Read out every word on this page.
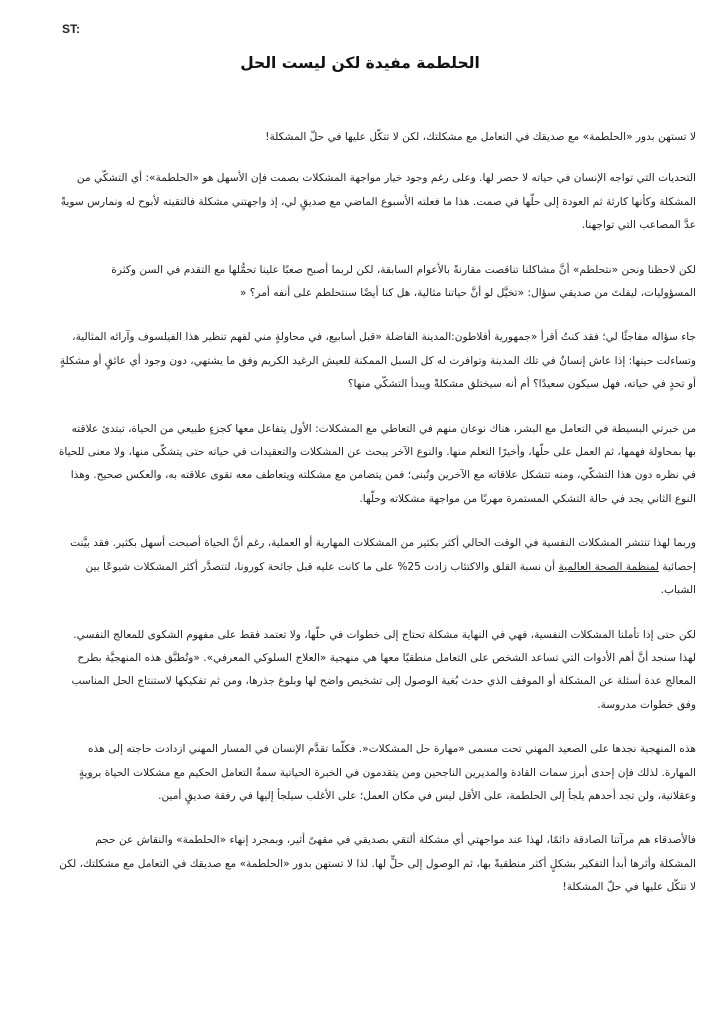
ST:
الحلطمة مفيدة لكن ليست الحل

لا تستهن بدور «الحلطمة» مع صديقك في التعامل مع مشكلتك، لكن لا تتكّل عليها في حلّ المشكلة!

التحديات التي تواجه الإنسان في حياته لا حصر لها. وعلى رغم وجود خيار مواجهة المشكلات بصمت فإن الأسهل هو «الحلطمة»: أي التشكّي من المشكلة وكأنها كارثة ثم العودة إلى حلّها في صمت. هذا ما فعلته الأسبوع الماضي مع صديقٍ لي، إذ واجهتني مشكلة فالتقيته لأبوح له ونمارس سويةً عدَّ المصاعب التي تواجهنا.

لكن لاحظنا ونحن «نتحلطم» أنَّ مشاكلنا تناقصت مقارنةً بالأعوام السابقة، لكن لربما أصبح صعبًا علينا تحمُّلها مع التقدم في السن وكثرة المسؤوليات، ليفلتَ من صديقي سؤال: «تخيَّل لو أنَّ حياتنا مثالية، هل كنا أيضًا سنتحلطم على أنفه أمر؟ «

جاء سؤاله مفاجئًا لي؛ فقد كنتُ أقرأ «جمهورية أفلاطون:المدينة الفاضلة «قبل أسابيع، في محاولةٍ مني لفهم تنظير هذا الفيلسوف وآرائه المثالية، وتساءلت حينها: إذا عاش إنسانٌ في تلك المدينة وتوافرت له كل السبل الممكنة للعيش الرغيد الكريم وفق ما يشتهي، دون وجود أي عائقٍ أو مشكلةٍ أو تحدٍ في حياته، فهل سيكون سعيدًا؟ أم أنه سيختلق مشكلةً ويبدأ التشكّي منها؟

من خبرتي البسيطة في التعامل مع البشر، هناك نوعان منهم في التعاطي مع المشكلات: الأول يتفاعل معها كجزءٍ طبيعي من الحياة، تبتدئ علاقته بها بمحاولة فهمها، ثم العمل على حلّها، وأخيرًا التعلم منها. والنوع الآخر يبحث عن المشكلات والتعقيدات في حياته حتى يتشكّى منها، ولا معنى للحياة في نظره دون هذا التشكّي، ومنه تتشكل علاقاته مع الآخرين وتُبنى؛ فمن يتضامن مع مشكلته ويتعاطف معه تقوى علاقته به، والعكس صحيح. وهذا النوع الثاني يجد في حالة التشكي المستمرة مهربًا من مواجهة مشكلاته وحلّها.

وربما لهذا تنتشر المشكلات النفسية في الوقت الحالي أكثر بكثير من المشكلات المهارية أو العملية، رغم أنَّ الحياة أصبحت أسهل بكثير. فقد بيَّنت إحصائية لمنظمة الصحة العالمية أن نسبة القلق والاكتئاب زادت 25% على ما كانت عليه قبل جائحة كورونا، لتتصدَّر أكثر المشكلات شيوعًا بين الشباب.

لكن حتى إذا تأملنا المشكلات النفسية، فهي في النهاية مشكلة تحتاج إلى خطوات في حلّها، ولا تعتمد فقط على مفهوم الشكوى للمعالج النفسي. لهذا سنجد أنَّ أهم الأدوات التي تساعد الشخص على التعامل منطقيًا معها هي منهجية «العلاج السلوكي المعرفي». «وتُطبَّق هذه المنهجيَّة بطرح المعالج عدة أسئلة عن المشكلة أو الموقف الذي حدث بُغية الوصول إلى تشخيص واضح لها وبلوغ جذرها، ومن ثم تفكيكها لاستنتاج الحل المناسب وفق خطوات مدروسة.

هذه المنهجية نجدها على الصعيد المهني تحت مسمى «مهارة حل المشكلات«. فكلّما تقدَّم الإنسان في المسار المهني ازدادت حاجته إلى هذه المهارة. لذلك فإن إحدى أبرز سمات القادة والمديرين الناجحين ومن يتقدمون في الخبرة الحياتية سمةُ التعامل الحكيم مع مشكلات الحياة برويةٍ وعقلانية، ولن تجد أحدهم يلجأ إلى الحلطمة، على الأقل ليس في مكان العمل؛ على الأغلب سيلجأ إليها في رفقة صديقٍ أمين.

فالأصدقاء هم مرآتنا الصادقة دائمًا، لهذا عند مواجهتي أي مشكلة ألتقي بصديقي في مقهىً أثير، وبمجرد إنهاء «الحلطمة» والنقاش عن حجم المشكلة وأثرها أبدأ التفكير بشكلٍ أكثر منطقيةً بها، ثم الوصول إلى حلٍّ لها. لذا لا تستهن بدور «الحلطمة» مع صديقك في التعامل مع مشكلتك، لكن لا تتكّل عليها في حلّ المشكلة!
